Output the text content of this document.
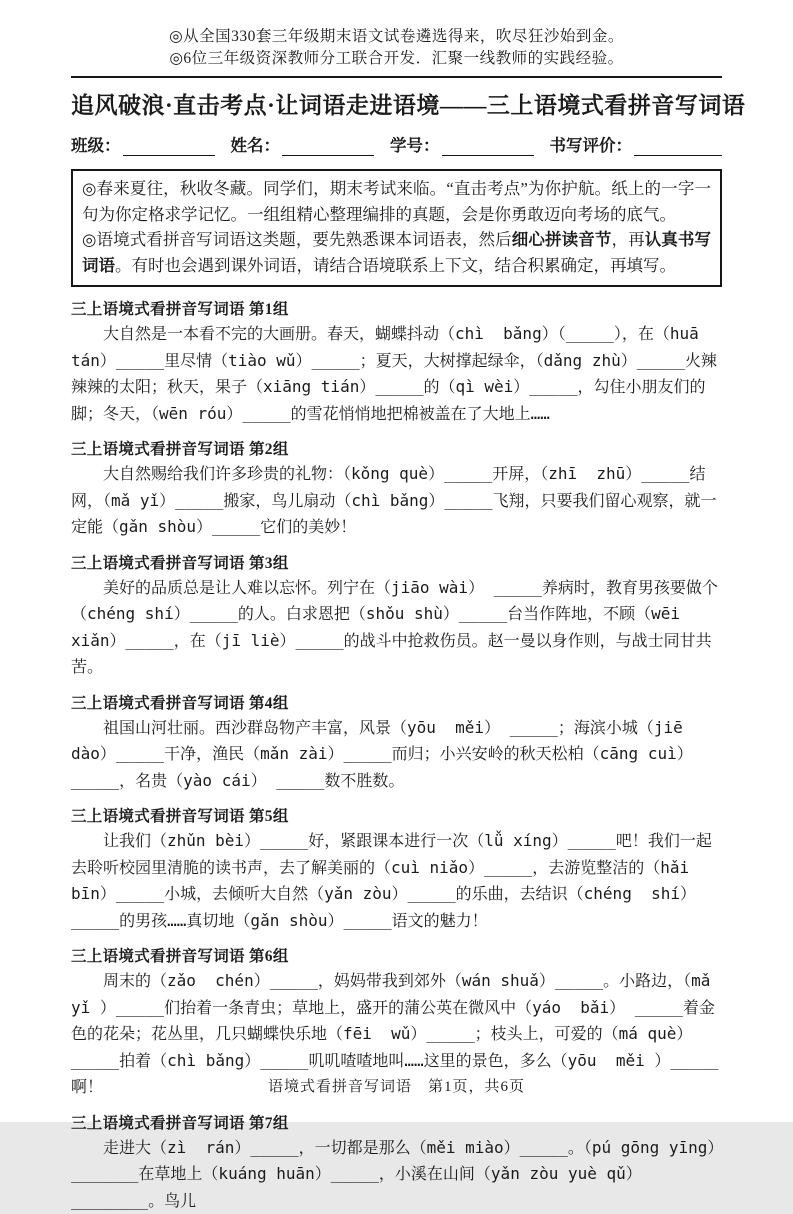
◎从全国330套三年级期末语文试卷遴选得来，吹尽狂沙始到金。
◎6位三年级资深教师分工联合开发．汇聚一线教师的实践经验。
追风破浪·直击考点·让词语走进语境——三上语境式看拼音写词语
班级：	姓名：	学号：	书写评价：

◎春来夏往，秋收冬藏。同学们，期末考试来临。“直击考点”为你护航。纸上的一字一句为你定格求学记忆。一组组精心整理编排的真题，会是你勇敢迈向考场的底气。

◎语境式看拼音写词语这类题，要先熟悉课本词语表，然后细心拼读音节，再认真书写词语。有时也会遇到课外词语，请结合语境联系上下文，结合积累确定，再填写。

三上语境式看拼音写词语 第1组

大自然是一本看不完的大画册。春天，蝴蝶抖动（chì  bǎng）（_____），在（huā tán）_____里尽情（tiào wǔ）_____；夏天，大树撑起绿伞，（dǎng zhù）_____火辣辣辣的太阳；秋天，果子（xiāng tián）_____的（qì wèi）_____，勾住小朋友们的脚；冬天，（wēn róu）_____的雪花悄悄地把棉被盖在了大地上……

三上语境式看拼音写词语 第2组

大自然赐给我们许多珍贵的礼物：（kǒng què）_____开屏，（zhī  zhū）_____结网，（mǎ yǐ）_____搬家，鸟儿扇动（chì bǎng）_____飞翔，只要我们留心观察，就一定能（gǎn shòu）_____它们的美妙！

三上语境式看拼音写词语 第3组

美好的品质总是让人难以忘怀。列宁在（jiāo wài） _____养病时，教育男孩要做个（chéng shí）_____的人。白求恩把（shǒu shù）_____台当作阵地，不顾（wēi xiǎn）_____，在（jī liè）_____的战斗中抢救伤员。赵一曼以身作则，与战士同甘共苦。

三上语境式看拼音写词语 第4组

祖国山河壮丽。西沙群岛物产丰富，风景（yōu  měi） _____；海滨小城（jiē dào）_____干净，渔民（mǎn zài）_____而归；小兴安岭的秋天松柏（cāng cuì）_____，名贵（yào cái） _____数不胜数。

三上语境式看拼音写词语 第5组

让我们（zhǔn bèi）_____好，紧跟课本进行一次（lǚ xíng）_____吧！我们一起去聆听校园里清脆的读书声，去了解美丽的（cuì niǎo）_____，去游览整洁的（hǎi  bīn）_____小城，去倾听大自然（yǎn zòu）_____的乐曲，去结识（chéng  shí）_____的男孩……真切地（gǎn shòu）_____语文的魅力！

三上语境式看拼音写词语 第6组

周末的（zǎo  chén）_____，妈妈带我到郊外（wán shuǎ）_____。小路边，（mǎ  yǐ ）_____们抬着一条青虫；草地上，盛开的蒲公英在微风中（yáo  bǎi） _____着金色的花朵；花丛里，几只蝴蝶快乐地（fēi  wǔ）_____；枝头上，可爱的（má què） _____拍着（chì bǎng）_____叽叽喳喳地叫……这里的景色，多么（yōu  měi ）_____啊！

三上语境式看拼音写词语 第7组

走进大（zì  rán）_____，一切都是那么（měi miào）_____。（pú gōng yīng）_______在草地上（kuáng huān）_____，小溪在山间（yǎn zòu yuè qǔ）________。鸟儿

语境式看拼音写词语　第1页，共6页
